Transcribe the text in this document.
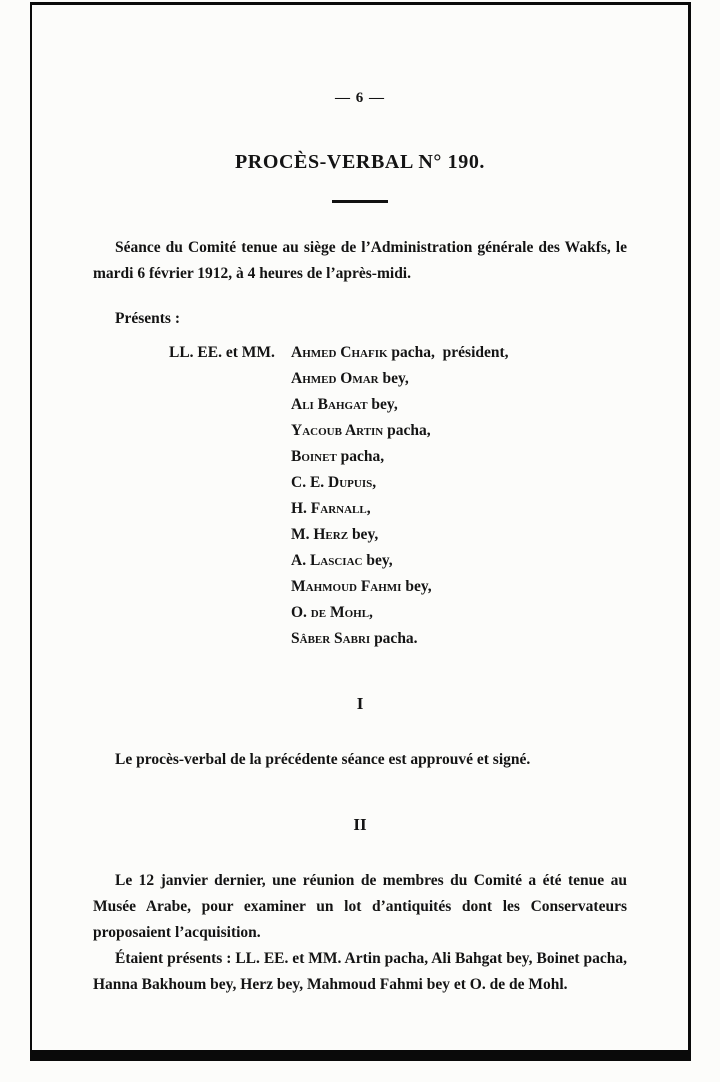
— 6 —
PROCÈS-VERBAL N° 190.

Séance du Comité tenue au siège de l’Administration générale des Wakfs, le mardi 6 février 1912, à 4 heures de l’après-midi.

Présents :
LL. EE. et MM.	Ahmed Chafik pacha,  président,
Ahmed Omar bey,
Ali Bahgat bey,
Yacoub Artin pacha,
Boinet pacha,
C. E. Dupuis,
H. Farnall,
M. Herz bey,
A. Lasciac bey,
Mahmoud Fahmi bey,
O. de Mohl,
Sâber Sabri pacha.
I

Le procès-verbal de la précédente séance est approuvé et signé.

II

Le 12 janvier dernier, une réunion de membres du Comité a été tenue au Musée Arabe, pour examiner un lot d’antiquités dont les Conservateurs proposaient l’acquisition.

Étaient présents : LL. EE. et MM. Artin pacha, Ali Bahgat bey, Boinet pacha, Hanna Bakhoum bey, Herz bey, Mahmoud Fahmi bey et O. de de Mohl.
